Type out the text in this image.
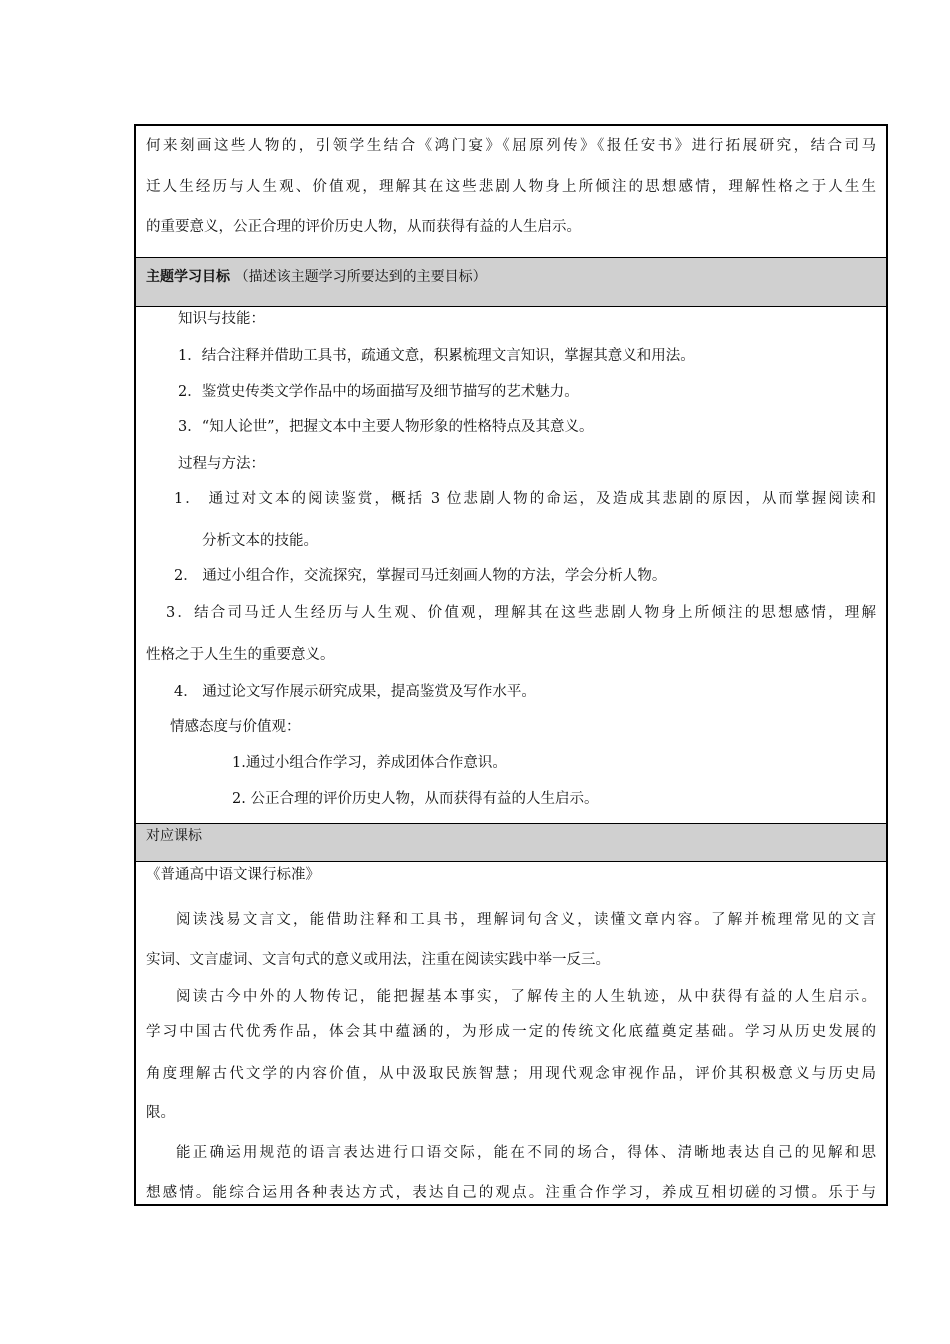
何来刻画这些人物的，引领学生结合《鸿门宴》《屈原列传》《报任安书》进行拓展研究，结合司马
迁人生经历与人生观、价值观，理解其在这些悲剧人物身上所倾注的思想感情，理解性格之于人生生
的重要意义，公正合理的评价历史人物，从而获得有益的人生启示。
主题学习目标 （描述该主题学习所要达到的主要目标）
知识与技能：
1．结合注释并借助工具书，疏通文意，积累梳理文言知识，掌握其意义和用法。
2．鉴赏史传类文学作品中的场面描写及细节描写的艺术魅力。
3．“知人论世”，把握文本中主要人物形象的性格特点及其意义。
过程与方法：
1． 通过对文本的阅读鉴赏，概括 3 位悲剧人物的命运，及造成其悲剧的原因，从而掌握阅读和
分析文本的技能。
2． 通过小组合作，交流探究，掌握司马迁刻画人物的方法，学会分析人物。
3．结合司马迁人生经历与人生观、价值观，理解其在这些悲剧人物身上所倾注的思想感情，理解
性格之于人生生的重要意义。
4． 通过论文写作展示研究成果，提高鉴赏及写作水平。
情感态度与价值观：
1.通过小组合作学习，养成团体合作意识。
2. 公正合理的评价历史人物，从而获得有益的人生启示。
对应课标
《普通高中语文课行标准》
阅读浅易文言文，能借助注释和工具书，理解词句含义，读懂文章内容。了解并梳理常见的文言
实词、文言虚词、文言句式的意义或用法，注重在阅读实践中举一反三。
阅读古今中外的人物传记，能把握基本事实，了解传主的人生轨迹，从中获得有益的人生启示。
学习中国古代优秀作品，体会其中蕴涵的，为形成一定的传统文化底蕴奠定基础。学习从历史发展的
角度理解古代文学的内容价值，从中汲取民族智慧；用现代观念审视作品，评价其积极意义与历史局
限。
能正确运用规范的语言表达进行口语交际，能在不同的场合，得体、清晰地表达自己的见解和思
想感情。能综合运用各种表达方式，表达自己的观点。注重合作学习，养成互相切磋的习惯。乐于与
